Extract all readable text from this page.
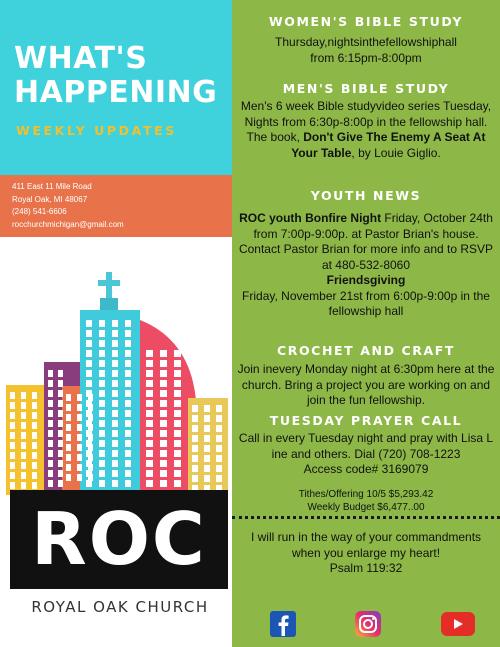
WHAT'S
HAPPENING
WEEKLY UPDATES
411 East 11 Mile Road
Royal Oak, MI 48067
(248) 541-6606
rocchurchmichigan@gmail.com
ROC
ROYAL OAK CHURCH
WOMEN'S BIBLE STUDY
Thursday,nightsinthefellowshiphall
from 6:15pm-8:00pm
MEN'S BIBLE STUDY
Men's 6 week Bible studyvideo series Tuesday, Nights from 6:30p-8:00p in the fellowship hall. The book, Don't Give The Enemy A Seat At Your Table, by Louie Giglio.
YOUTH NEWS
ROC youth Bonfire Night Friday, October 24th from 7:00p-9:00p. at Pastor Brian's house. Contact Pastor Brian for more info and to RSVP at 480-532-8060
Friendsgiving
Friday, November 21st from 6:00p-9:00p in the fellowship hall
CROCHET AND CRAFT
Join inevery Monday night at 6:30pm here at the church. Bring a project you are working on and join the fun fellowship.
TUESDAY PRAYER CALL
Call in every Tuesday night and pray with Lisa L ine and others. Dial (720) 708-1223
Access code# 3169079
Tithes/Offering 10/5 $5,293.42
Weekly Budget $6,477..00
I will run in the way of your commandments when you enlarge my heart!
Psalm 119:32
